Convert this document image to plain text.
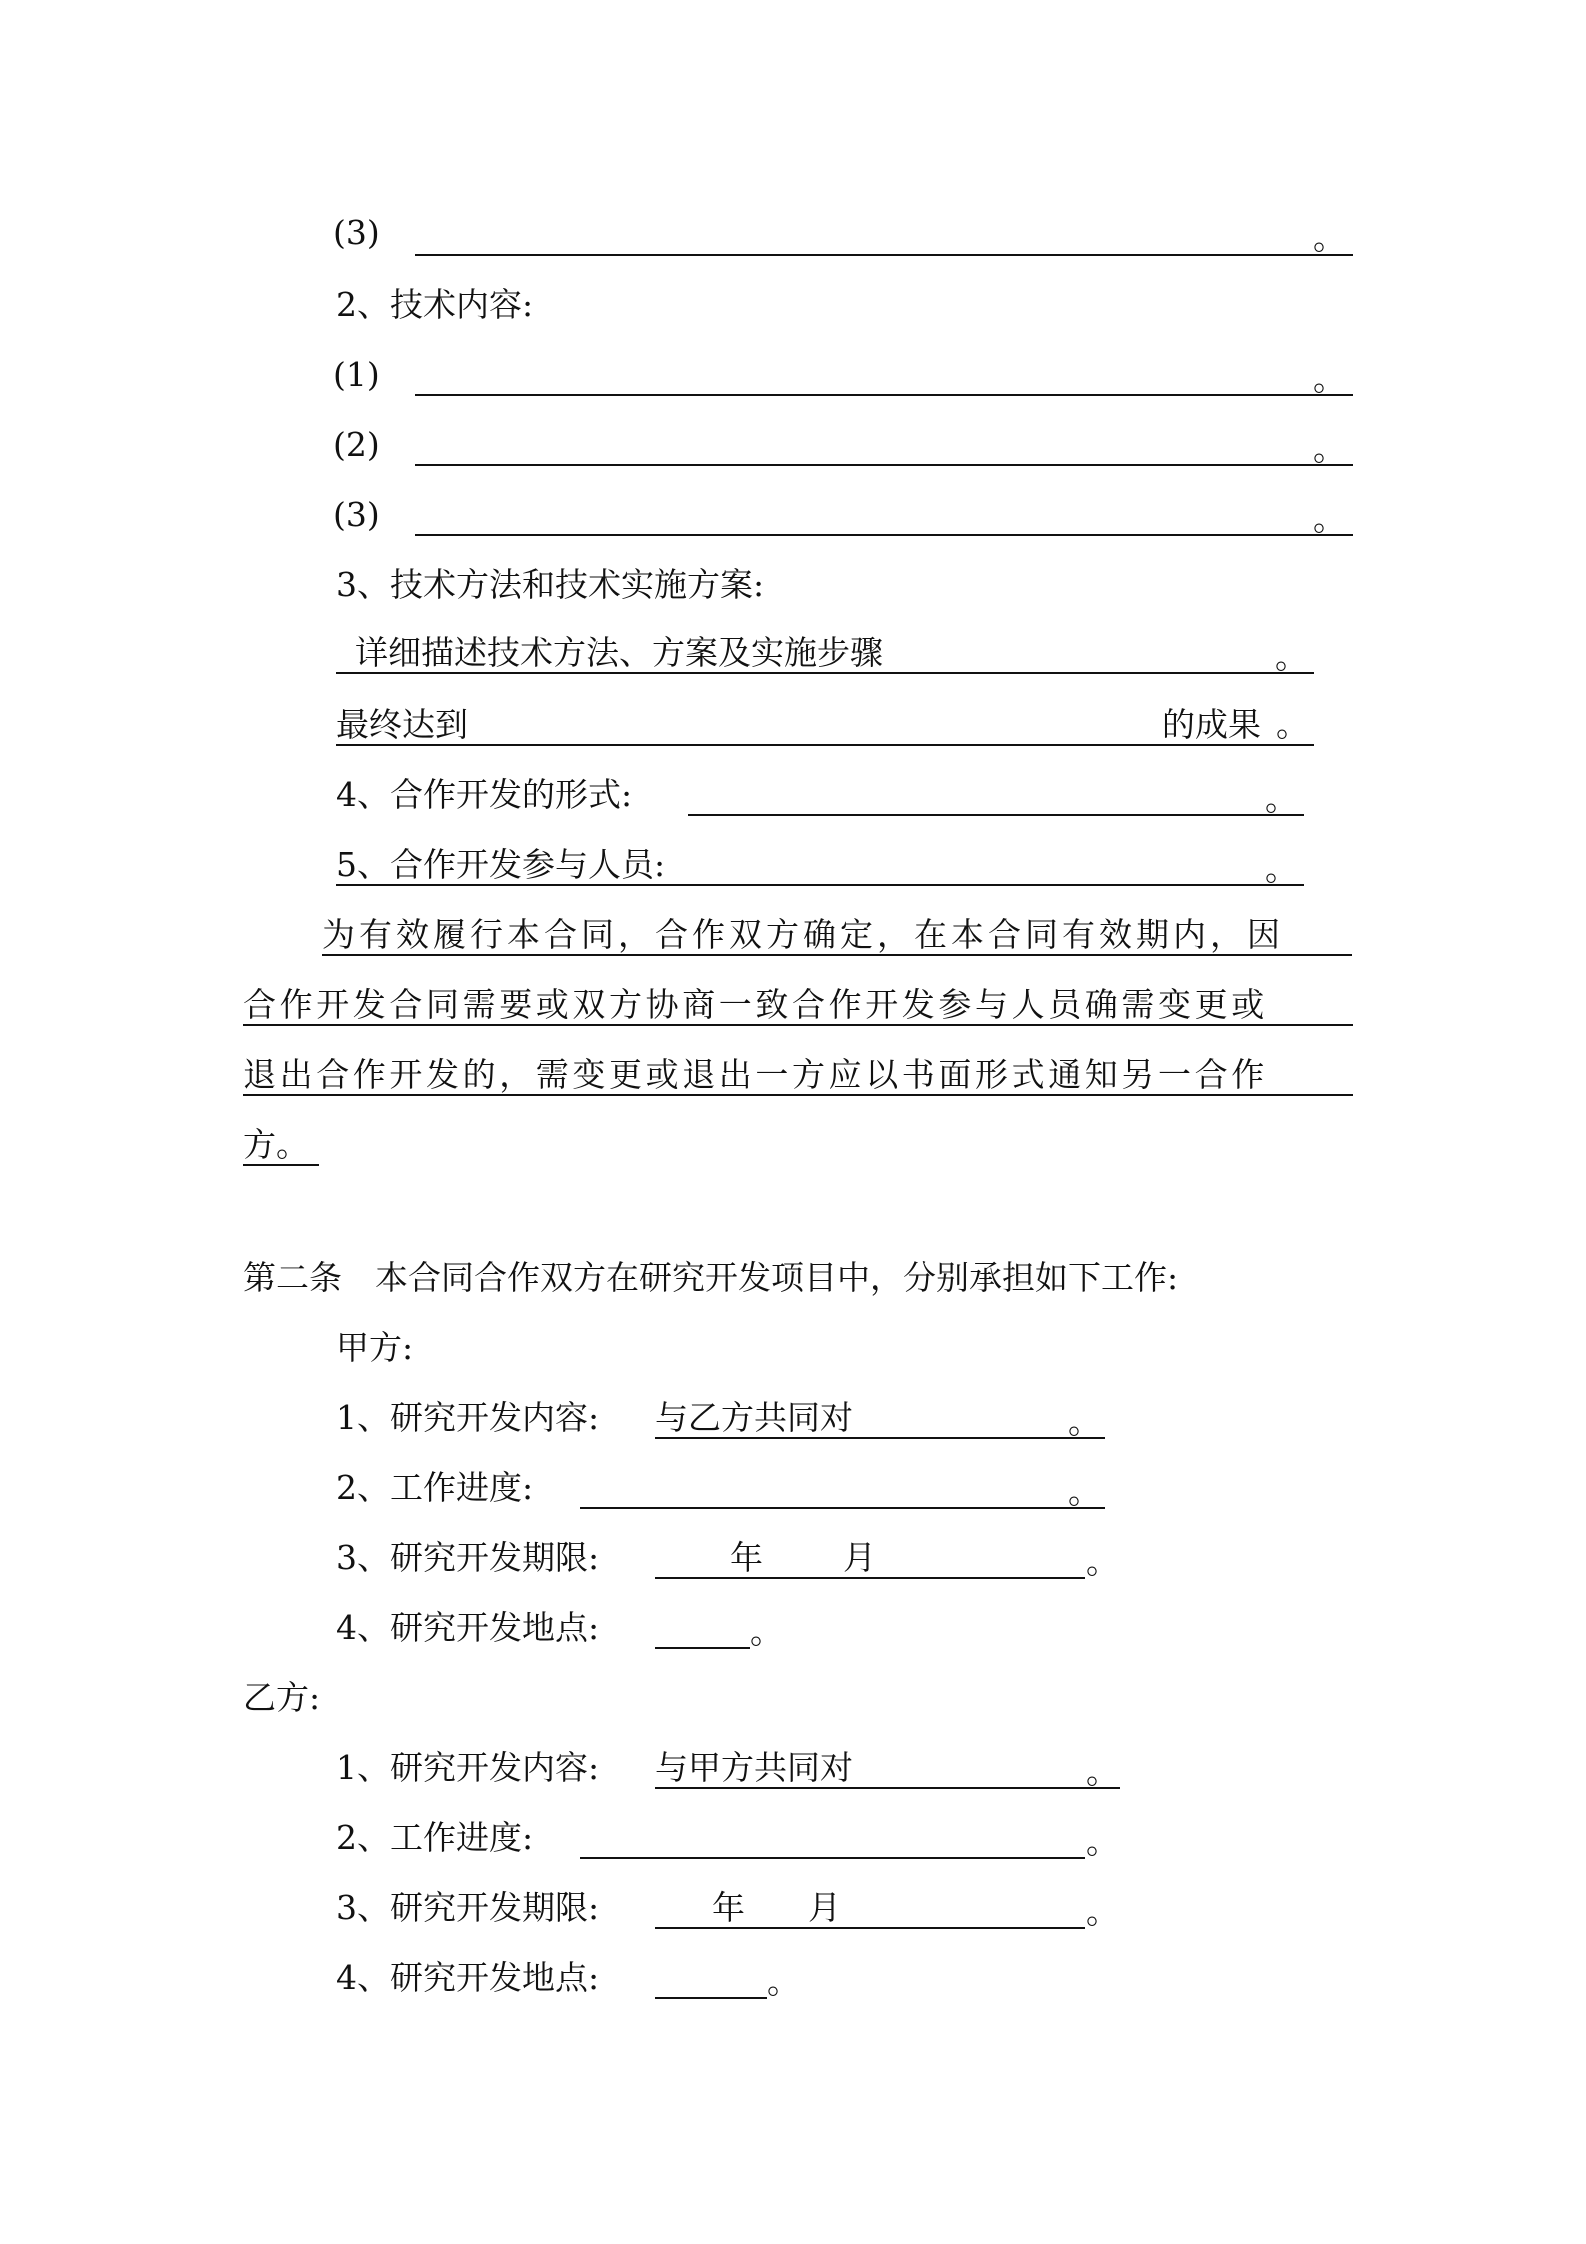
(3)	。
2、技术内容:
(1)	。
(2)	。
(3)	。
3、技术方法和技术实施方案:
详细描述技术方法、方案及实施步骤	。
最终达到	的成果 。
4、合作开发的形式:	。
5、合作开发参与人员:	。
为有效履行本合同，合作双方确定，在本合同有效期内，因
合作开发合同需要或双方协商一致合作开发参与人员确需变更或
退出合作开发的，需变更或退出一方应以书面形式通知另一合作
方。
第二条　本合同合作双方在研究开发项目中，分别承担如下工作:
甲方:
1、研究开发内容: 与乙方共同对	。
2、工作进度:	。
3、研究开发期限:	年 月	。
4、研究开发地点:	。
乙方:
1、研究开发内容: 与甲方共同对	。
2、工作进度:	。
3、研究开发期限:	年 月	。
4、研究开发地点:	。
